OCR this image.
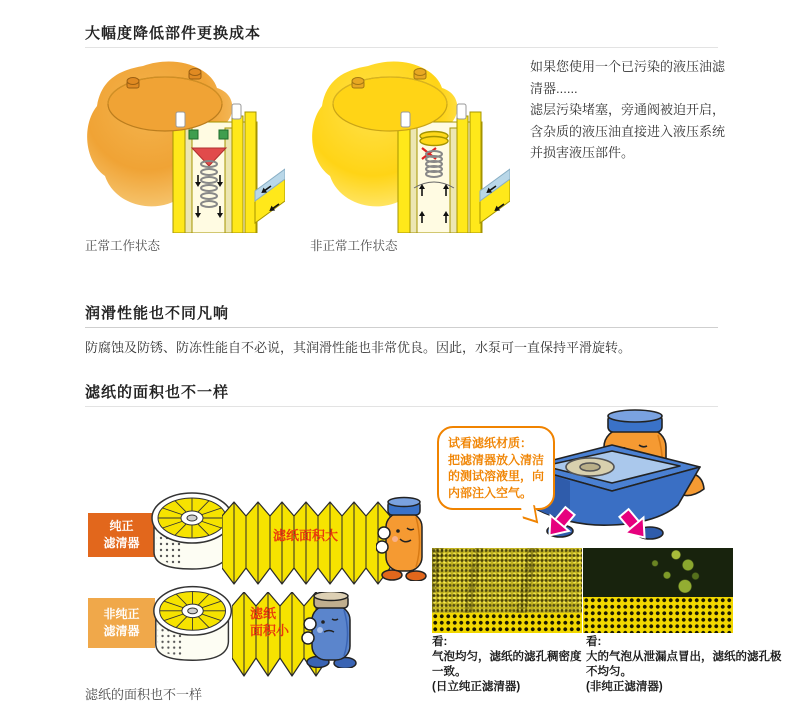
大幅度降低部件更换成本
正常工作状态	非正常工作状态
如果您使用一个已污染的液压油滤
清器......
滤层污染堵塞，旁通阀被迫开启，
含杂质的液压油直接进入液压系统
并损害液压部件。
润滑性能也不同凡响
防腐蚀及防锈、防冻性能自不必说，其润滑性能也非常优良。因此，水泵可一直保持平滑旋转。
滤纸的面积也不一样
纯正
滤清器
非纯正
滤清器
滤纸面积大
滤纸
面积小
试看滤纸材质：
把滤清器放入清洁
的测试溶液里，向
内部注入空气。
看:
气泡均匀，滤纸的滤孔稠密度一致。
(日立纯正滤清器)
看:
大的气泡从泄漏点冒出，滤纸的滤孔极不均匀。
(非纯正滤清器)
滤纸的面积也不一样
